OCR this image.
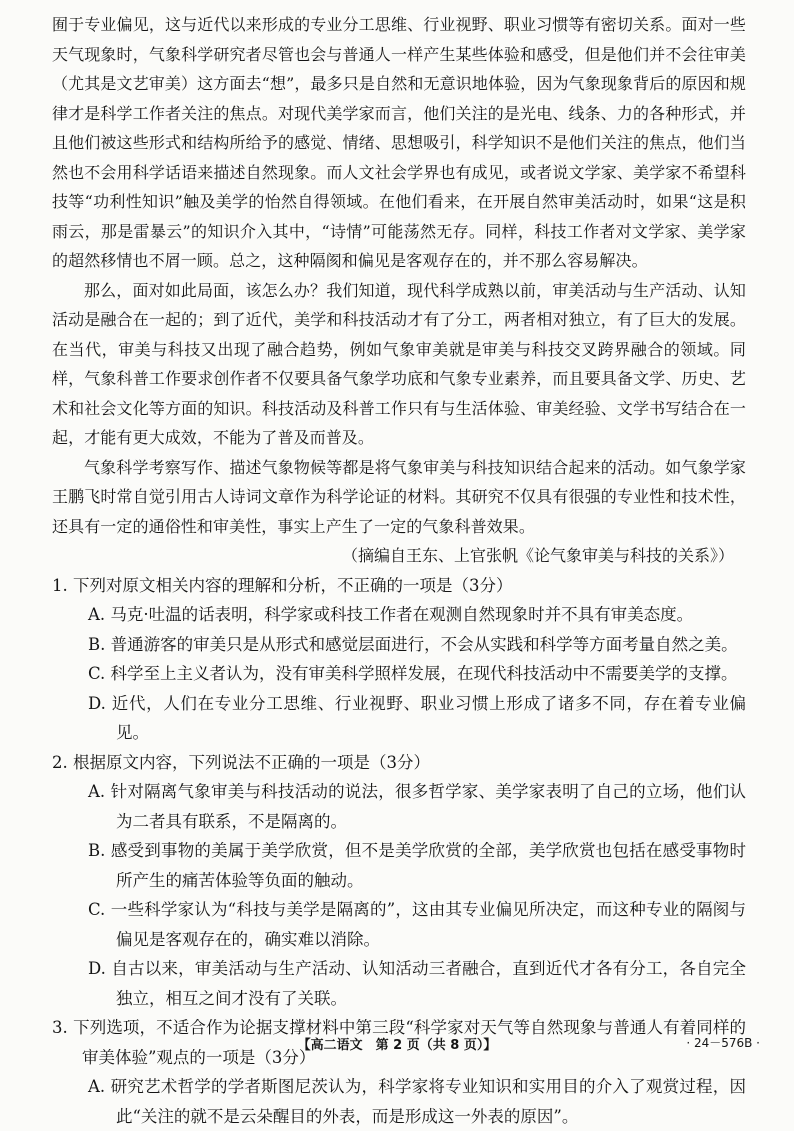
囿于专业偏见，这与近代以来形成的专业分工思维、行业视野、职业习惯等有密切关系。面对一些天气现象时，气象科学研究者尽管也会与普通人一样产生某些体验和感受，但是他们并不会往审美（尤其是文艺审美）这方面去“想”，最多只是自然和无意识地体验，因为气象现象背后的原因和规律才是科学工作者关注的焦点。对现代美学家而言，他们关注的是光电、线条、力的各种形式，并且他们被这些形式和结构所给予的感觉、情绪、思想吸引，科学知识不是他们关注的焦点，他们当然也不会用科学话语来描述自然现象。而人文社会学界也有成见，或者说文学家、美学家不希望科技等“功利性知识”触及美学的怡然自得领域。在他们看来，在开展自然审美活动时，如果“这是积雨云，那是雷暴云”的知识介入其中，“诗情”可能荡然无存。同样，科技工作者对文学家、美学家的超然移情也不屑一顾。总之，这种隔阂和偏见是客观存在的，并不那么容易解决。

那么，面对如此局面，该怎么办？我们知道，现代科学成熟以前，审美活动与生产活动、认知活动是融合在一起的；到了近代，美学和科技活动才有了分工，两者相对独立，有了巨大的发展。在当代，审美与科技又出现了融合趋势，例如气象审美就是审美与科技交叉跨界融合的领域。同样，气象科普工作要求创作者不仅要具备气象学功底和气象专业素养，而且要具备文学、历史、艺术和社会文化等方面的知识。科技活动及科普工作只有与生活体验、审美经验、文学书写结合在一起，才能有更大成效，不能为了普及而普及。

气象科学考察写作、描述气象物候等都是将气象审美与科技知识结合起来的活动。如气象学家王鹏飞时常自觉引用古人诗词文章作为科学论证的材料。其研究不仅具有很强的专业性和技术性，还具有一定的通俗性和审美性，事实上产生了一定的气象科普效果。

（摘编自王东、上官张帆《论气象审美与科技的关系》）

1. 下列对原文相关内容的理解和分析，不正确的一项是（3分）

A. 马克·吐温的话表明，科学家或科技工作者在观测自然现象时并不具有审美态度。

B. 普通游客的审美只是从形式和感觉层面进行，不会从实践和科学等方面考量自然之美。

C. 科学至上主义者认为，没有审美科学照样发展，在现代科技活动中不需要美学的支撑。

D. 近代，人们在专业分工思维、行业视野、职业习惯上形成了诸多不同，存在着专业偏见。

2. 根据原文内容，下列说法不正确的一项是（3分）

A. 针对隔离气象审美与科技活动的说法，很多哲学家、美学家表明了自己的立场，他们认为二者具有联系，不是隔离的。

B. 感受到事物的美属于美学欣赏，但不是美学欣赏的全部，美学欣赏也包括在感受事物时所产生的痛苦体验等负面的触动。

C. 一些科学家认为“科技与美学是隔离的”，这由其专业偏见所决定，而这种专业的隔阂与偏见是客观存在的，确实难以消除。

D. 自古以来，审美活动与生产活动、认知活动三者融合，直到近代才各有分工，各自完全独立，相互之间才没有了关联。

3. 下列选项，不适合作为论据支撑材料中第三段“科学家对天气等自然现象与普通人有着同样的审美体验”观点的一项是（3分）

A. 研究艺术哲学的学者斯图尼茨认为，科学家将专业知识和实用目的介入了观赏过程，因此“关注的就不是云朵醒目的外表，而是形成这一外表的原因”。

【高二语文　第 2 页（共 8 页）】	· 24－576B ·
